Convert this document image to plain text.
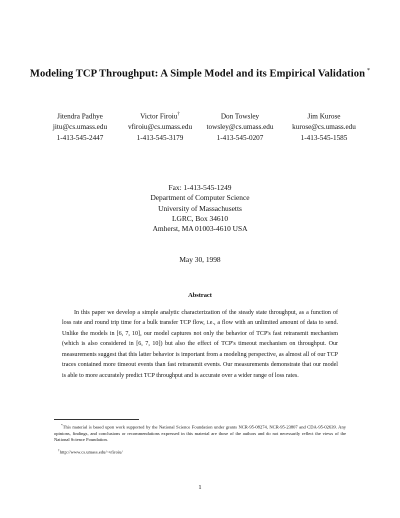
Modeling TCP Throughput: A Simple Model and its Empirical Validation *
Jitendra Padhye
jitu@cs.umass.edu
1-413-545-2447
Victor Firoiu†
vfiroiu@cs.umass.edu
1-413-545-3179
Don Towsley
towsley@cs.umass.edu
1-413-545-0207
Jim Kurose
kurose@cs.umass.edu
1-413-545-1585
Fax: 1-413-545-1249
Department of Computer Science
University of Massachusetts
LGRC, Box 34610
Amherst, MA 01003-4610 USA
May 30, 1998
Abstract
In this paper we develop a simple analytic characterization of the steady state throughput, as a function of loss rate and round trip time for a bulk transfer TCP flow, i.e., a flow with an unlimited amount of data to send. Unlike the models in [6, 7, 10], our model captures not only the behavior of TCP's fast retransmit mechanism (which is also considered in [6, 7, 10]) but also the effect of TCP's timeout mechanism on throughput. Our measurements suggest that this latter behavior is important from a modeling perspective, as almost all of our TCP traces contained more timeout events than fast retransmit events. Our measurements demonstrate that our model is able to more accurately predict TCP throughput and is accurate over a wider range of loss rates.
*This material is based upon work supported by the National Science Foundation under grants NCR-95-08274, NCR-95-23807 and CDA-95-02639. Any opinions, findings, and conclusions or recommendations expressed in this material are those of the authors and do not necessarily reflect the views of the National Science Foundation.
†http://www.cs.umass.edu/~vfiroiu/
1
